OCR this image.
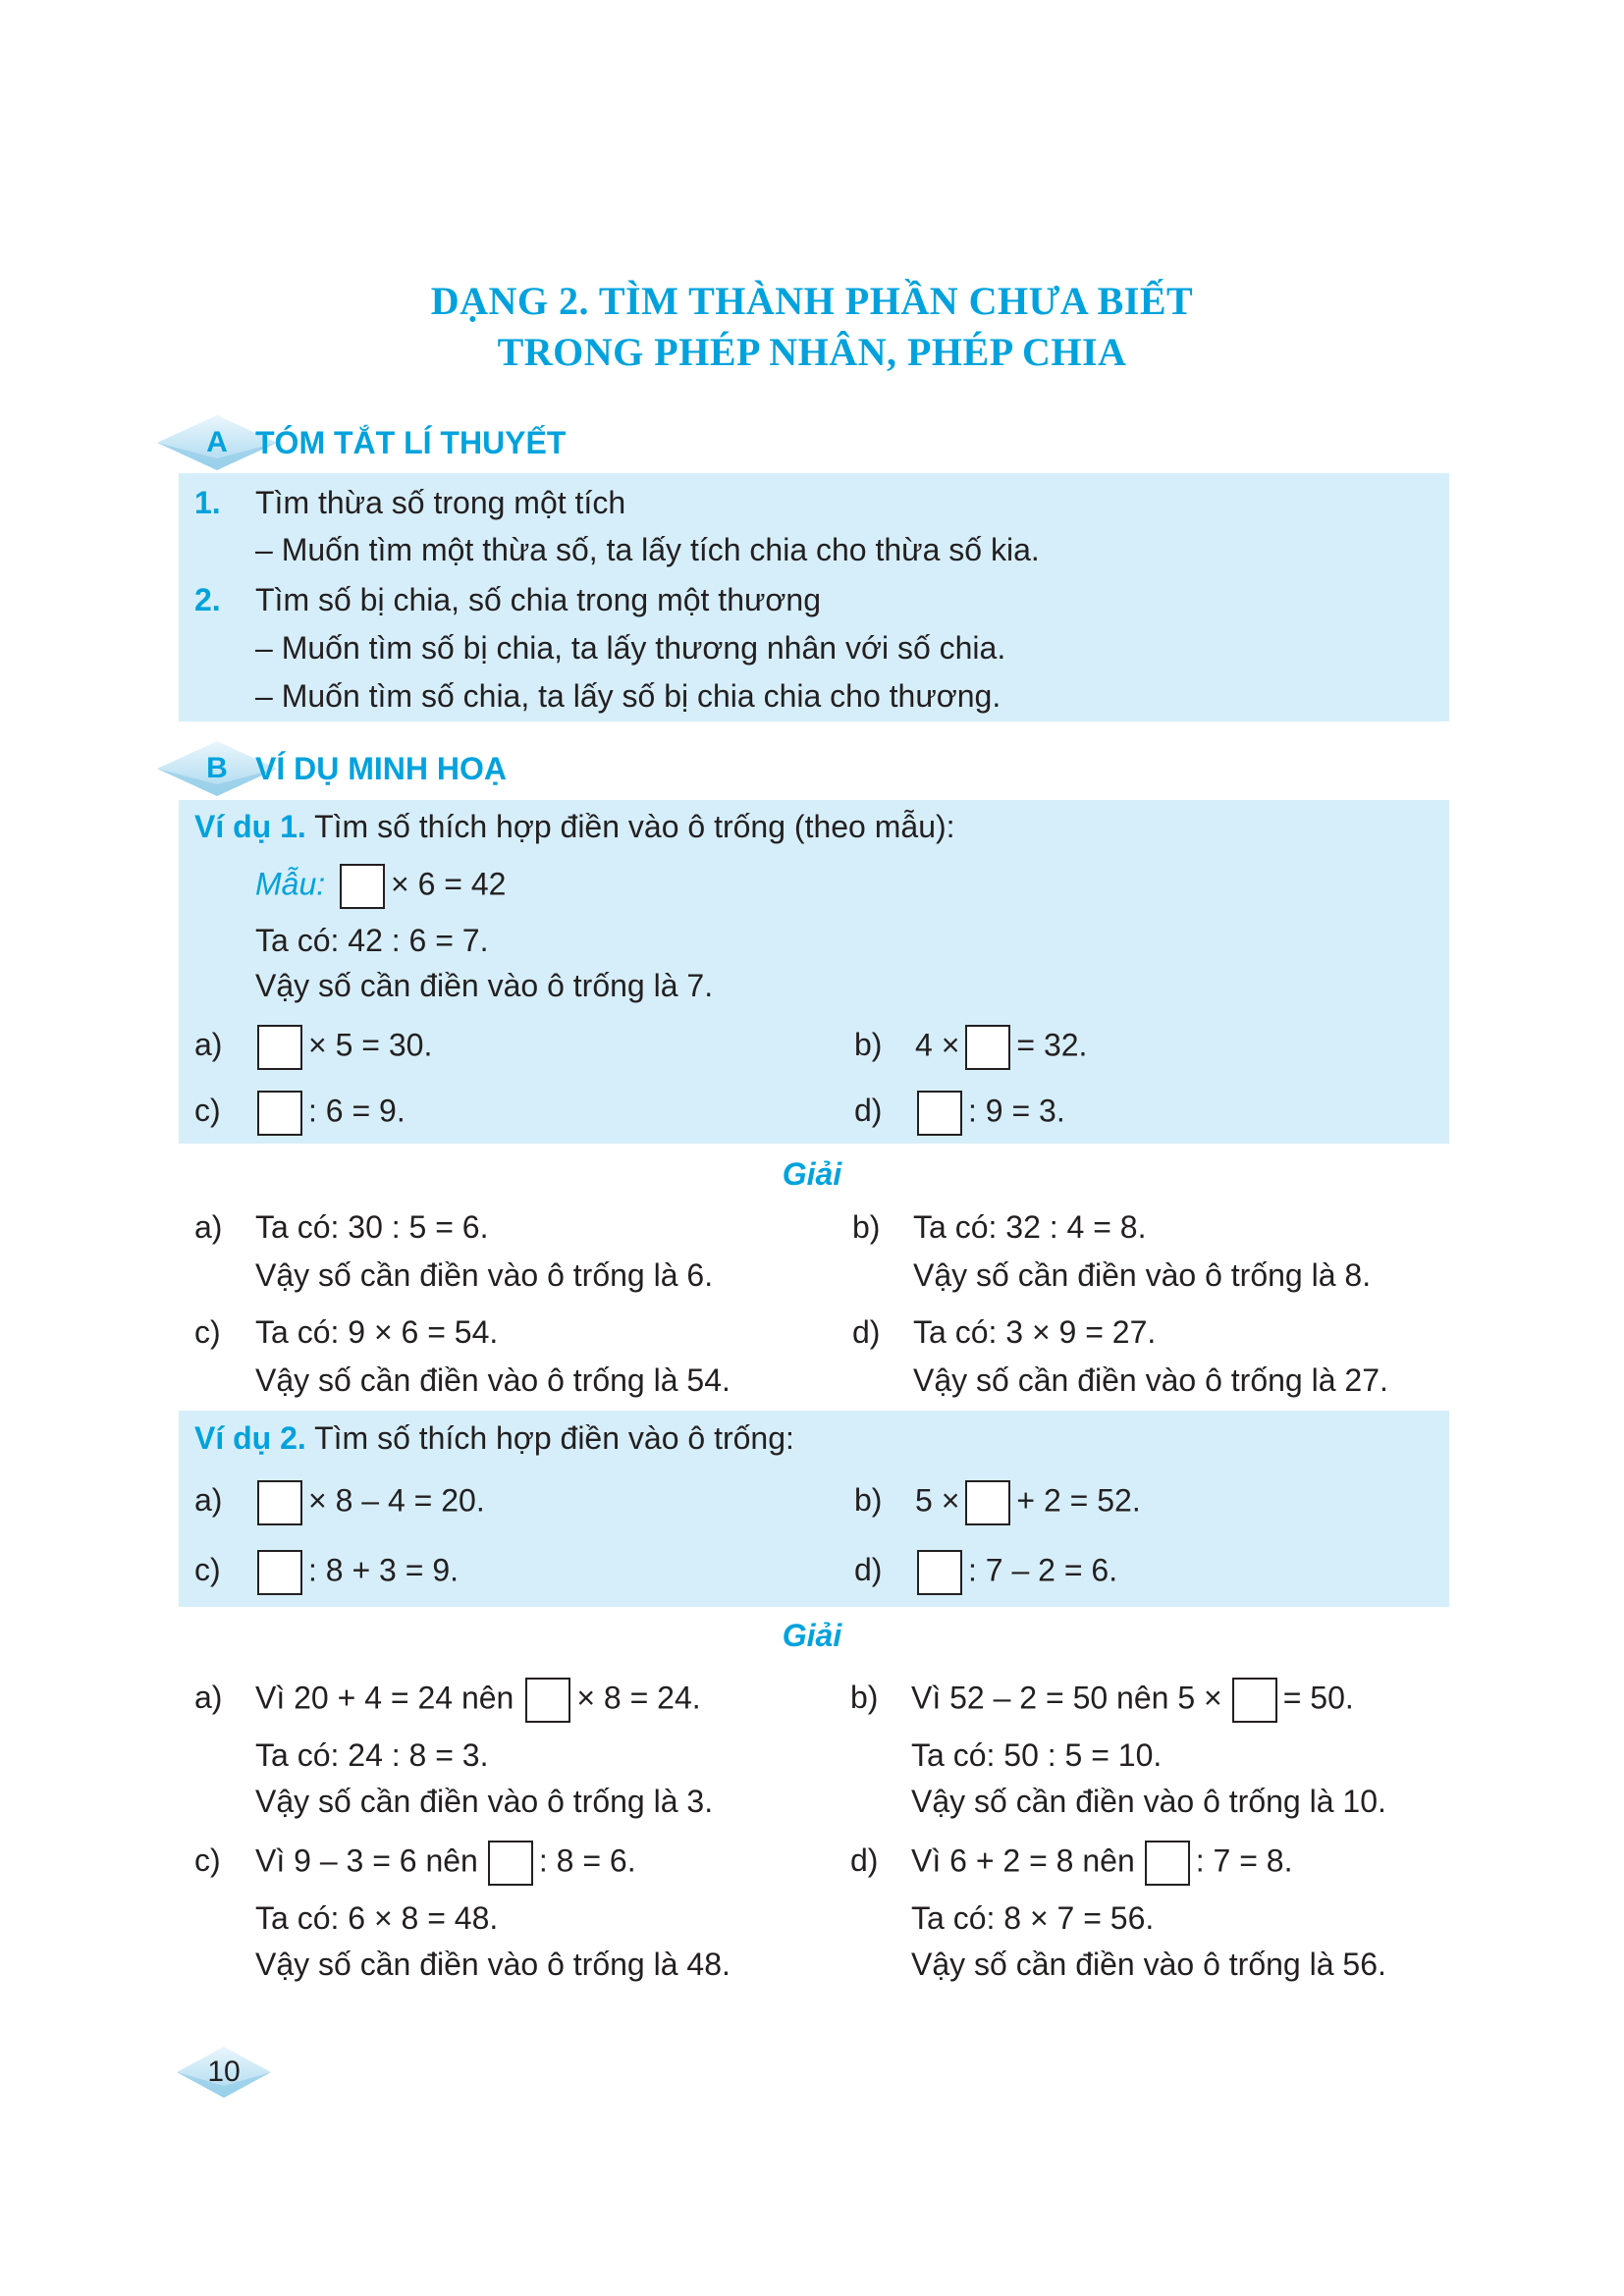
DẠNG 2. TÌM THÀNH PHẦN CHƯA BIẾT
TRONG PHÉP NHÂN, PHÉP CHIA
A TÓM TẮT LÍ THUYẾT
1. Tìm thừa số trong một tích
– Muốn tìm một thừa số, ta lấy tích chia cho thừa số kia.
2. Tìm số bị chia, số chia trong một thương
– Muốn tìm số bị chia, ta lấy thương nhân với số chia.
– Muốn tìm số chia, ta lấy số bị chia chia cho thương.
B VÍ DỤ MINH HOẠ
Ví dụ 1. Tìm số thích hợp điền vào ô trống (theo mẫu):
Mẫu: × 6 = 42
Ta có: 42 : 6 = 7.
Vậy số cần điền vào ô trống là 7.
a)	× 5 = 30.	b) 4 × = 32.
c)	: 6 = 9.	d)	: 9 = 3.
Giải
a) Ta có: 30 : 5 = 6.
Vậy số cần điền vào ô trống là 6.
b) Ta có: 32 : 4 = 8.
Vậy số cần điền vào ô trống là 8.
c) Ta có: 9 × 6 = 54.
Vậy số cần điền vào ô trống là 54.
d) Ta có: 3 × 9 = 27.
Vậy số cần điền vào ô trống là 27.
Ví dụ 2. Tìm số thích hợp điền vào ô trống:
a)	× 8 – 4 = 20.	b) 5 × + 2 = 52.
c)	: 8 + 3 = 9.	d)	: 7 – 2 = 6.
Giải
a) Vì 20 + 4 = 24 nên × 8 = 24.
Ta có: 24 : 8 = 3.
Vậy số cần điền vào ô trống là 3.
b) Vì 52 – 2 = 50 nên 5 × = 50.
Ta có: 50 : 5 = 10.
Vậy số cần điền vào ô trống là 10.
c) Vì 9 – 3 = 6 nên : 8 = 6.
Ta có: 6 × 8 = 48.
Vậy số cần điền vào ô trống là 48.
d) Vì 6 + 2 = 8 nên : 7 = 8.
Ta có: 8 × 7 = 56.
Vậy số cần điền vào ô trống là 56.
10
